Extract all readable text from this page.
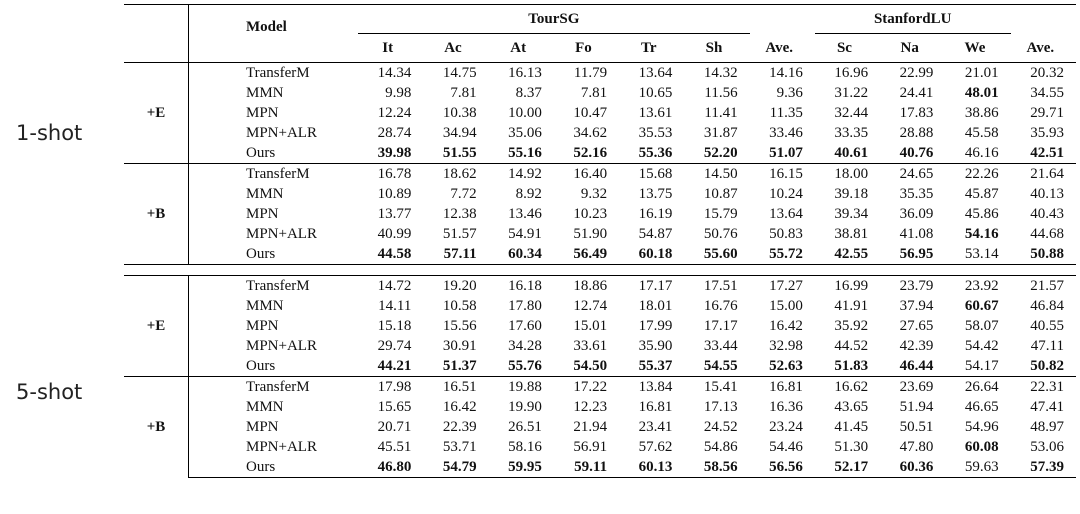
1-shot
5-shot
	Model	TourSG							StanfordLU			
		It	Ac	At	Fo	Tr	Sh	Ave.	Sc	Na	We	Ave.
+E	TransferM	14.34	14.75	16.13	11.79	13.64	14.32	14.16	16.96	22.99	21.01	20.32
	MMN	9.98	7.81	8.37	7.81	10.65	11.56	9.36	31.22	24.41	48.01	34.55
	MPN	12.24	10.38	10.00	10.47	13.61	11.41	11.35	32.44	17.83	38.86	29.71
	MPN+ALR	28.74	34.94	35.06	34.62	35.53	31.87	33.46	33.35	28.88	45.58	35.93
	Ours	39.98	51.55	55.16	52.16	55.36	52.20	51.07	40.61	40.76	46.16	42.51
+B	TransferM	16.78	18.62	14.92	16.40	15.68	14.50	16.15	18.00	24.65	22.26	21.64
	MMN	10.89	7.72	8.92	9.32	13.75	10.87	10.24	39.18	35.35	45.87	40.13
	MPN	13.77	12.38	13.46	10.23	16.19	15.79	13.64	39.34	36.09	45.86	40.43
	MPN+ALR	40.99	51.57	54.91	51.90	54.87	50.76	50.83	38.81	41.08	54.16	44.68
	Ours	44.58	57.11	60.34	56.49	60.18	55.60	55.72	42.55	56.95	53.14	50.88

+E	TransferM	14.72	19.20	16.18	18.86	17.17	17.51	17.27	16.99	23.79	23.92	21.57
	MMN	14.11	10.58	17.80	12.74	18.01	16.76	15.00	41.91	37.94	60.67	46.84
	MPN	15.18	15.56	17.60	15.01	17.99	17.17	16.42	35.92	27.65	58.07	40.55
	MPN+ALR	29.74	30.91	34.28	33.61	35.90	33.44	32.98	44.52	42.39	54.42	47.11
	Ours	44.21	51.37	55.76	54.50	55.37	54.55	52.63	51.83	46.44	54.17	50.82
+B	TransferM	17.98	16.51	19.88	17.22	13.84	15.41	16.81	16.62	23.69	26.64	22.31
	MMN	15.65	16.42	19.90	12.23	16.81	17.13	16.36	43.65	51.94	46.65	47.41
	MPN	20.71	22.39	26.51	21.94	23.41	24.52	23.24	41.45	50.51	54.96	48.97
	MPN+ALR	45.51	53.71	58.16	56.91	57.62	54.86	54.46	51.30	47.80	60.08	53.06
	Ours	46.80	54.79	59.95	59.11	60.13	58.56	56.56	52.17	60.36	59.63	57.39
